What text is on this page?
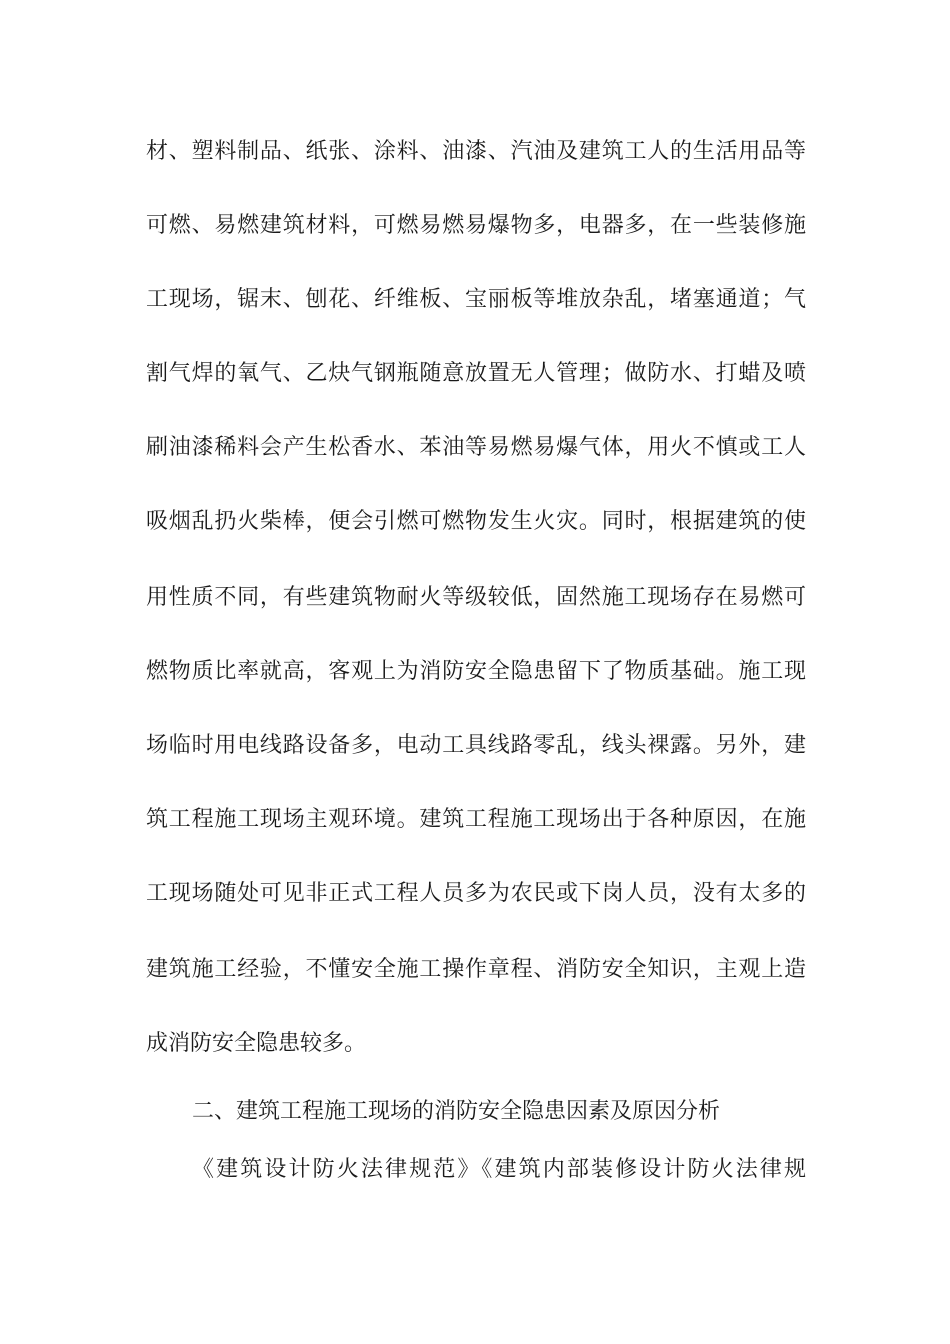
材、塑料制品、纸张、涂料、油漆、汽油及建筑工人的生活用品等
可燃、易燃建筑材料，可燃易燃易爆物多，电器多，在一些装修施
工现场，锯末、刨花、纤维板、宝丽板等堆放杂乱，堵塞通道；气
割气焊的氧气、乙炔气钢瓶随意放置无人管理；做防水、打蜡及喷
刷油漆稀料会产生松香水、苯油等易燃易爆气体，用火不慎或工人
吸烟乱扔火柴棒，便会引燃可燃物发生火灾。同时，根据建筑的使
用性质不同，有些建筑物耐火等级较低，固然施工现场存在易燃可
燃物质比率就高，客观上为消防安全隐患留下了物质基础。施工现
场临时用电线路设备多，电动工具线路零乱，线头裸露。另外，建
筑工程施工现场主观环境。建筑工程施工现场出于各种原因，在施
工现场随处可见非正式工程人员多为农民或下岗人员，没有太多的
建筑施工经验，不懂安全施工操作章程、消防安全知识，主观上造
成消防安全隐患较多。
二、建筑工程施工现场的消防安全隐患因素及原因分析
《建筑设计防火法律规范》《建筑内部装修设计防火法律规
